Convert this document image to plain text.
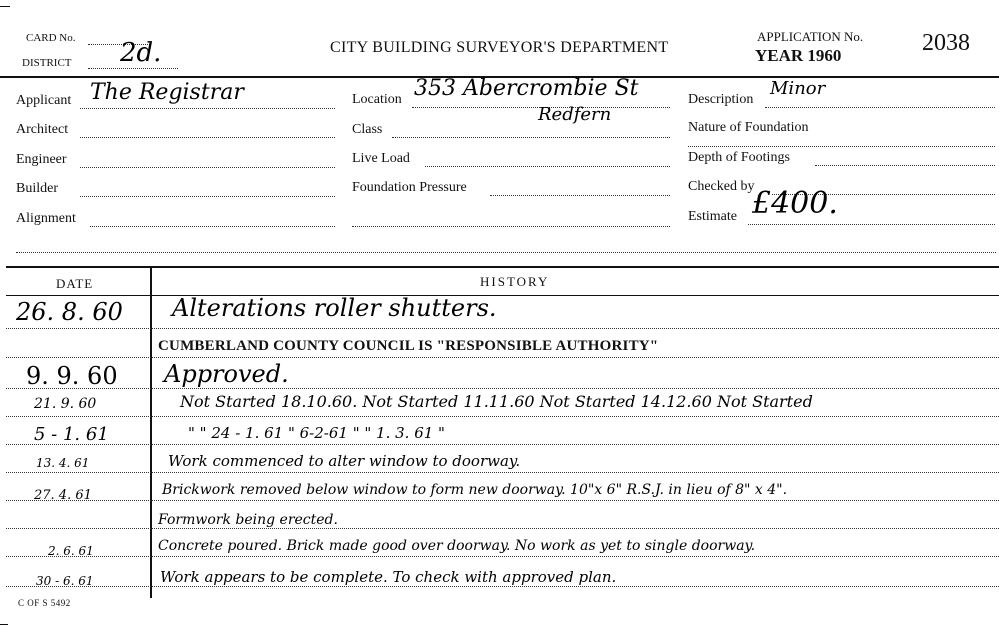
CARD No.
DISTRICT 2d.	CITY BUILDING SURVEYOR'S DEPARTMENT
APPLICATION No.
YEAR 1960	2038
Applicant The Registrar
Architect
Engineer
Builder
Alignment
Location 353 Abercrombie St
Redfern
Class
Live Load
Foundation Pressure
Description
Minor
Nature of Foundation
Depth of Footings
Checked by
Estimate £400.
DATE	HISTORY
26. 8. 60 Alterations roller shutters.
CUMBERLAND COUNTY COUNCIL IS "RESPONSIBLE AUTHORITY"
9. 9. 60 Approved.
21. 9. 60	Not Started 18.10.60. Not Started 11.11.60 Not Started 14.12.60 Not Started
5 - 1. 61	" " 24 - 1. 61 " 6-2-61 " " 1. 3. 61 "
13. 4. 61	Work commenced to alter window to doorway.
27. 4. 61	Brickwork removed below window to form new doorway. 10"x 6" R.S.J. in lieu of 8" x 4".
Formwork being erected.
2. 6. 61	Concrete poured. Brick made good over doorway. No work as yet to single doorway.
30 - 6. 61	Work appears to be complete. To check with approved plan.
C OF S 5492
